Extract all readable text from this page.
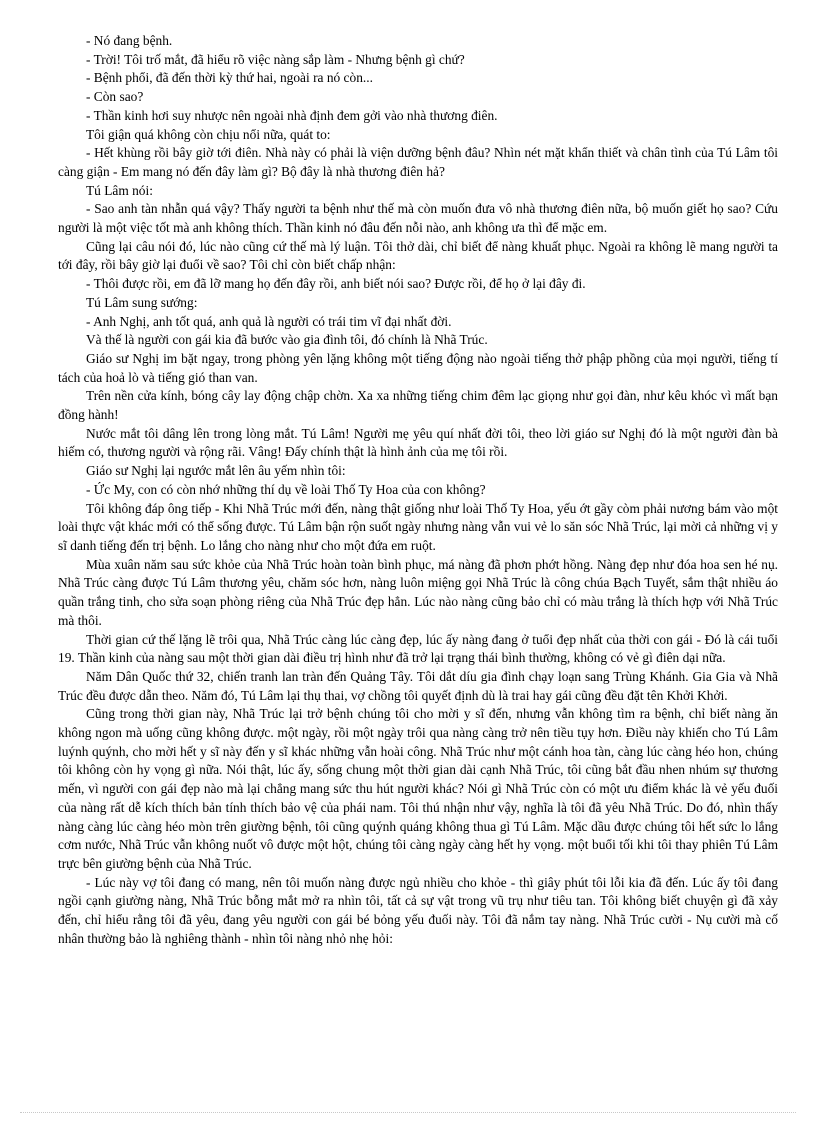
- Nó đang bệnh.

- Trời! Tôi trố mắt, đã hiểu rõ việc nàng sắp làm - Nhưng bệnh gì chứ?

- Bệnh phổi, đã đến thời kỳ thứ hai, ngoài ra nó còn...

- Còn sao?

- Thần kinh hơi suy nhược nên ngoài nhà định đem gởi vào nhà thương điên.

Tôi giận quá không còn chịu nổi nữa, quát to:

- Hết khùng rồi bây giờ tới điên. Nhà này có phải là viện dưỡng bệnh đâu? Nhìn nét mặt khẩn thiết và chân tình của Tú Lâm tôi càng giận - Em mang nó đến đây làm gì? Bộ đây là nhà thương điên hả?

Tú Lâm nói:

- Sao anh tàn nhẫn quá vậy? Thấy người ta bệnh như thế mà còn muốn đưa vô nhà thương điên nữa, bộ muốn giết họ sao? Cứu người là một việc tốt mà anh không thích. Thần kinh nó đâu đến nỗi nào, anh không ưa thì để mặc em.

Cũng lại câu nói đó, lúc nào cũng cứ thế mà lý luận. Tôi thở dài, chỉ biết để nàng khuất phục. Ngoài ra không lẽ mang người ta tới đây, rồi bây giờ lại đuổi về sao? Tôi chỉ còn biết chấp nhận:

- Thôi được rồi, em đã lỡ mang họ đến đây rồi, anh biết nói sao? Được rồi, để họ ở lại đây đi.

Tú Lâm sung sướng:

- Anh Nghị, anh tốt quá, anh quả là người có trái tim vĩ đại nhất đời.

Và thế là người con gái kia đã bước vào gia đình tôi, đó chính là Nhã Trúc.

Giáo sư Nghị im bặt ngay, trong phòng yên lặng không một tiếng động nào ngoài tiếng thở phập phồng của mọi người, tiếng tí tách của hoả lò và tiếng gió than van.

Trên nền cửa kính, bóng cây lay động chập chờn. Xa xa những tiếng chim đêm lạc giọng như gọi đàn, như kêu khóc vì mất bạn đồng hành!

Nước mắt tôi dâng lên trong lòng mắt. Tú Lâm! Người mẹ yêu quí nhất đời tôi, theo lời giáo sư Nghị đó là một người đàn bà hiếm có, thương người và rộng rãi. Vâng! Đấy chính thật là hình ảnh của mẹ tôi rồi.

Giáo sư Nghị lại ngước mắt lên âu yếm nhìn tôi:

- Ức My, con có còn nhớ những thí dụ về loài Thố Ty Hoa của con không?

Tôi không đáp ông tiếp - Khi Nhã Trúc mới đến, nàng thật giống như loài Thố Ty Hoa, yếu ớt gầy còm phải nương bám vào một loài thực vật khác mới có thể sống được. Tú Lâm bận rộn suốt ngày nhưng nàng vẫn vui vẻ lo săn sóc Nhã Trúc, lại mời cả những vị y sĩ danh tiếng đến trị bệnh. Lo lắng cho nàng như cho một đứa em ruột.

Mùa xuân năm sau sức khỏe của Nhã Trúc hoàn toàn bình phục, má nàng đã phơn phớt hồng. Nàng đẹp như đóa hoa sen hé nụ. Nhã Trúc càng được Tú Lâm thương yêu, chăm sóc hơn, nàng luôn miệng gọi Nhã Trúc là công chúa Bạch Tuyết, sắm thật nhiều áo quần trắng tinh, cho sửa soạn phòng riêng của Nhã Trúc đẹp hẳn. Lúc nào nàng cũng bảo chỉ có màu trắng là thích hợp với Nhã Trúc mà thôi.

Thời gian cứ thế lặng lẽ trôi qua, Nhã Trúc càng lúc càng đẹp, lúc ấy nàng đang ở tuổi đẹp nhất của thời con gái - Đó là cái tuổi 19. Thần kinh của nàng sau một thời gian dài điều trị hình như đã trở lại trạng thái bình thường, không có vẻ gì điên dại nữa.

Năm Dân Quốc thứ 32, chiến tranh lan tràn đến Quảng Tây. Tôi dắt díu gia đình chạy loạn sang Trùng Khánh. Gia Gia và Nhã Trúc đều được dẫn theo. Năm đó, Tú Lâm lại thụ thai, vợ chồng tôi quyết định dù là trai hay gái cũng đều đặt tên Khởi Khởi.

Cũng trong thời gian này, Nhã Trúc lại trở bệnh chúng tôi cho mời y sĩ đến, nhưng vẫn không tìm ra bệnh, chỉ biết nàng ăn không ngon mà uống cũng không được. một ngày, rồi một ngày trôi qua nàng càng trở nên tiều tụy hơn. Điều này khiến cho Tú Lâm luýnh quýnh, cho mời hết y sĩ này đến y sĩ khác những vẫn hoài công. Nhã Trúc như một cánh hoa tàn, càng lúc càng héo hon, chúng tôi không còn hy vọng gì nữa. Nói thật, lúc ấy, sống chung một thời gian dài cạnh Nhã Trúc, tôi cũng bắt đầu nhen nhúm sự thương mến, vì người con gái đẹp nào mà lại chẳng mang sức thu hút người khác? Nói gì Nhã Trúc còn có một ưu điểm khác là vẻ yếu đuối của nàng rất dễ kích thích bản tính thích bảo vệ của phái nam. Tôi thú nhận như vậy, nghĩa là tôi đã yêu Nhã Trúc. Do đó, nhìn thấy nàng càng lúc càng héo mòn trên giường bệnh, tôi cũng quýnh quáng không thua gì Tú Lâm. Mặc dầu được chúng tôi hết sức lo lắng cơm nước, Nhã Trúc vẫn không nuốt vô được một hột, chúng tôi càng ngày càng hết hy vọng. một buổi tối khi tôi thay phiên Tú Lâm trực bên giường bệnh của Nhã Trúc.

- Lúc này vợ tôi đang có mang, nên tôi muốn nàng được ngủ nhiều cho khỏe - thì giây phút tôi lỗi kia đã đến. Lúc ấy tôi đang ngồi cạnh giường nàng, Nhã Trúc bỗng mắt mở ra nhìn tôi, tất cả sự vật trong vũ trụ như tiêu tan. Tôi không biết chuyện gì đã xảy đến, chỉ hiểu rằng tôi đã yêu, đang yêu người con gái bé bỏng yếu đuối này. Tôi đã nắm tay nàng. Nhã Trúc cười - Nụ cười mà cố nhân thường bảo là nghiêng thành - nhìn tôi nàng nhỏ nhẹ hỏi:
